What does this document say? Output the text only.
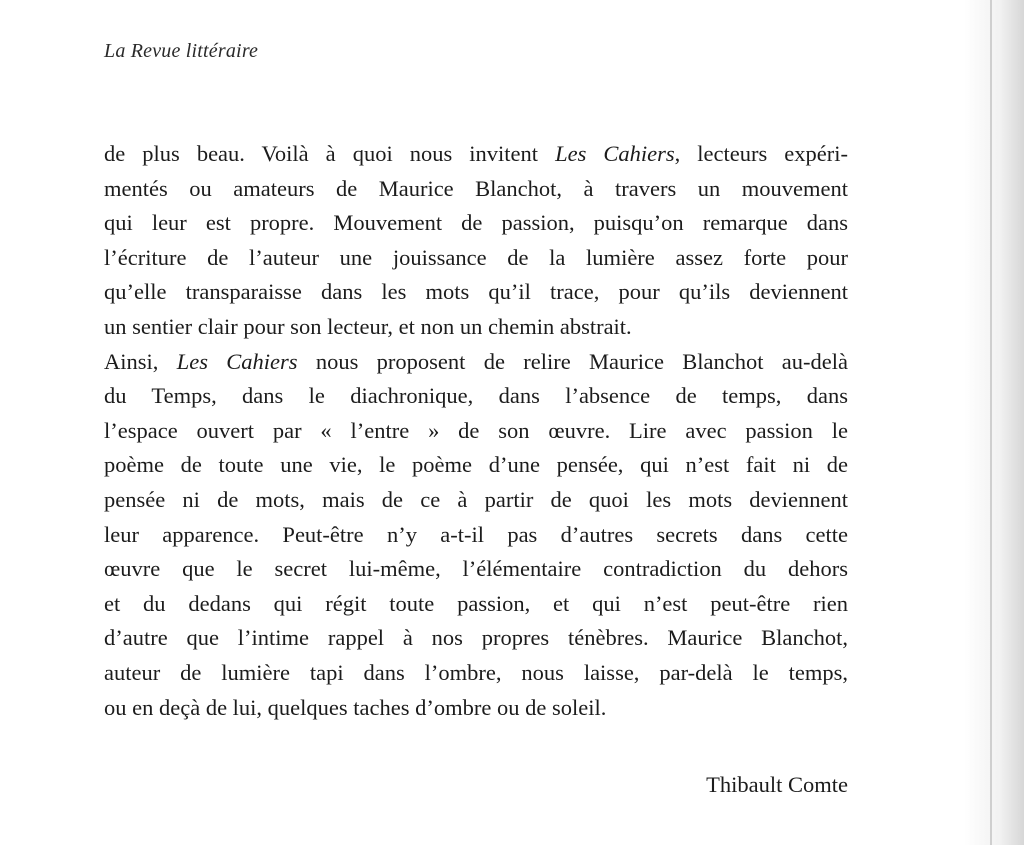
La Revue littéraire

de plus beau. Voilà à quoi nous invitent Les Cahiers, lecteurs expéri-
mentés ou amateurs de Maurice Blanchot, à travers un mouvement
qui leur est propre. Mouvement de passion, puisqu’on remarque dans
l’écriture de l’auteur une jouissance de la lumière assez forte pour
qu’elle transparaisse dans les mots qu’il trace, pour qu’ils deviennent
un sentier clair pour son lecteur, et non un chemin abstrait.
Ainsi, Les Cahiers nous proposent de relire Maurice Blanchot au-delà
du Temps, dans le diachronique, dans l’absence de temps, dans
l’espace ouvert par « l’entre » de son œuvre. Lire avec passion le
poème de toute une vie, le poème d’une pensée, qui n’est fait ni de
pensée ni de mots, mais de ce à partir de quoi les mots deviennent
leur apparence. Peut-être n’y a-t-il pas d’autres secrets dans cette
œuvre que le secret lui-même, l’élémentaire contradiction du dehors
et du dedans qui régit toute passion, et qui n’est peut-être rien
d’autre que l’intime rappel à nos propres ténèbres. Maurice Blanchot,
auteur de lumière tapi dans l’ombre, nous laisse, par-delà le temps,
ou en deçà de lui, quelques taches d’ombre ou de soleil.

Thibault Comte
